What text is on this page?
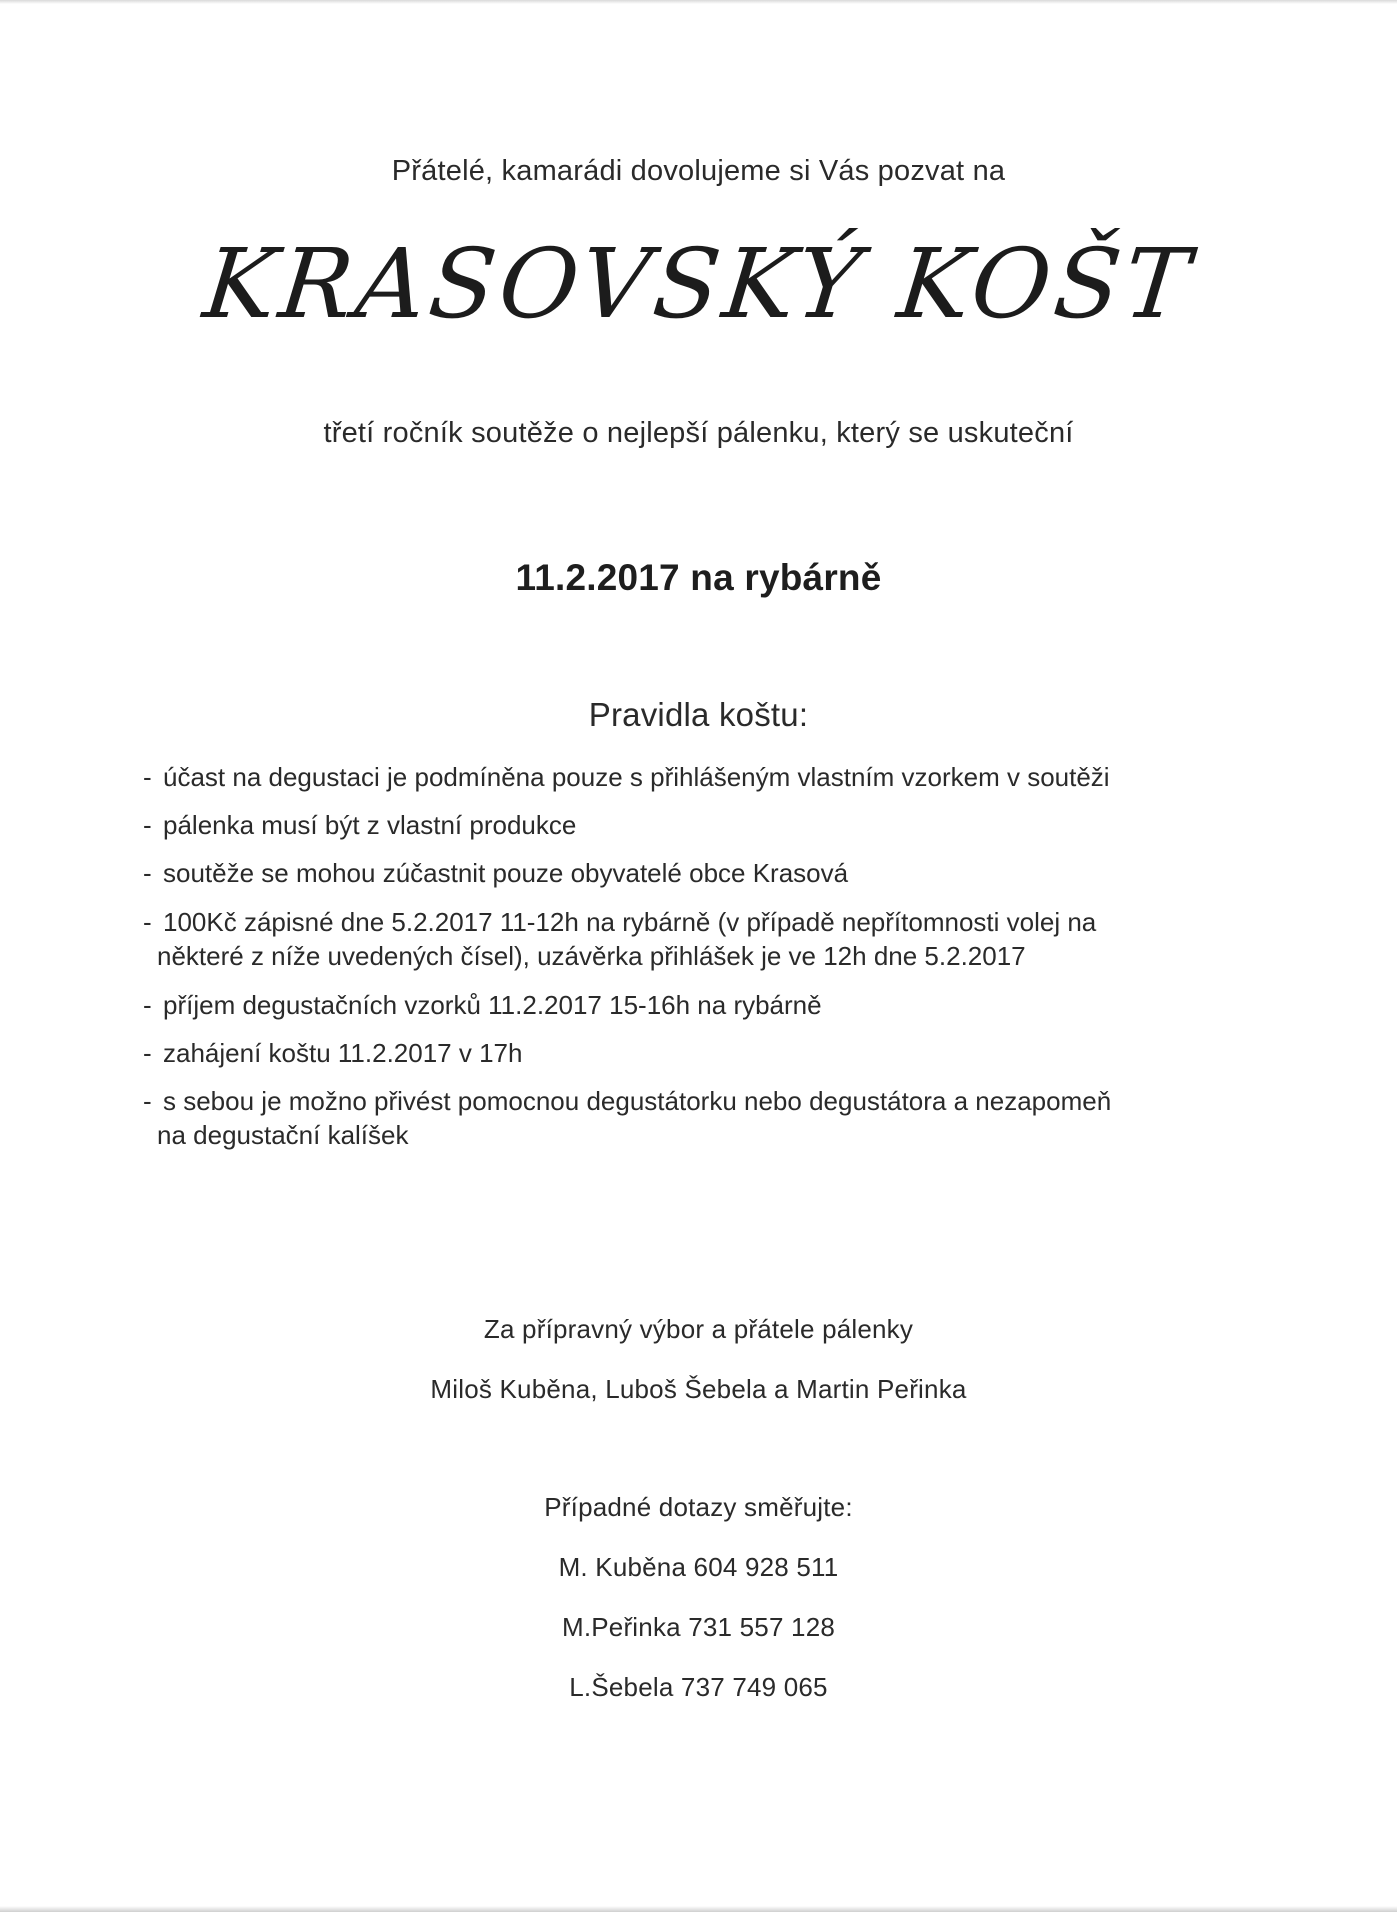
Přátelé, kamarádi dovolujeme si Vás pozvat na
KRASOVSKÝ KOŠT
třetí ročník soutěže o nejlepší pálenku, který se uskuteční
11.2.2017 na rybárně
Pravidla koštu:
- účast na degustaci je podmíněna pouze s přihlášeným vlastním vzorkem v soutěži
- pálenka musí být z vlastní produkce
- soutěže se mohou zúčastnit pouze obyvatelé obce Krasová
- 100Kč zápisné dne 5.2.2017 11-12h na rybárně (v případě nepřítomnosti volej na
některé z níže uvedených čísel), uzávěrka přihlášek je ve 12h dne 5.2.2017
- příjem degustačních vzorků 11.2.2017 15-16h na rybárně
- zahájení koštu 11.2.2017 v 17h
- s sebou je možno přivést pomocnou degustátorku nebo degustátora a nezapomeň
na degustační kalíšek
Za přípravný výbor a přátele pálenky
Miloš Kuběna, Luboš Šebela a Martin Peřinka
Případné dotazy směřujte:
M. Kuběna 604 928 511
M.Peřinka 731 557 128
L.Šebela 737 749 065
